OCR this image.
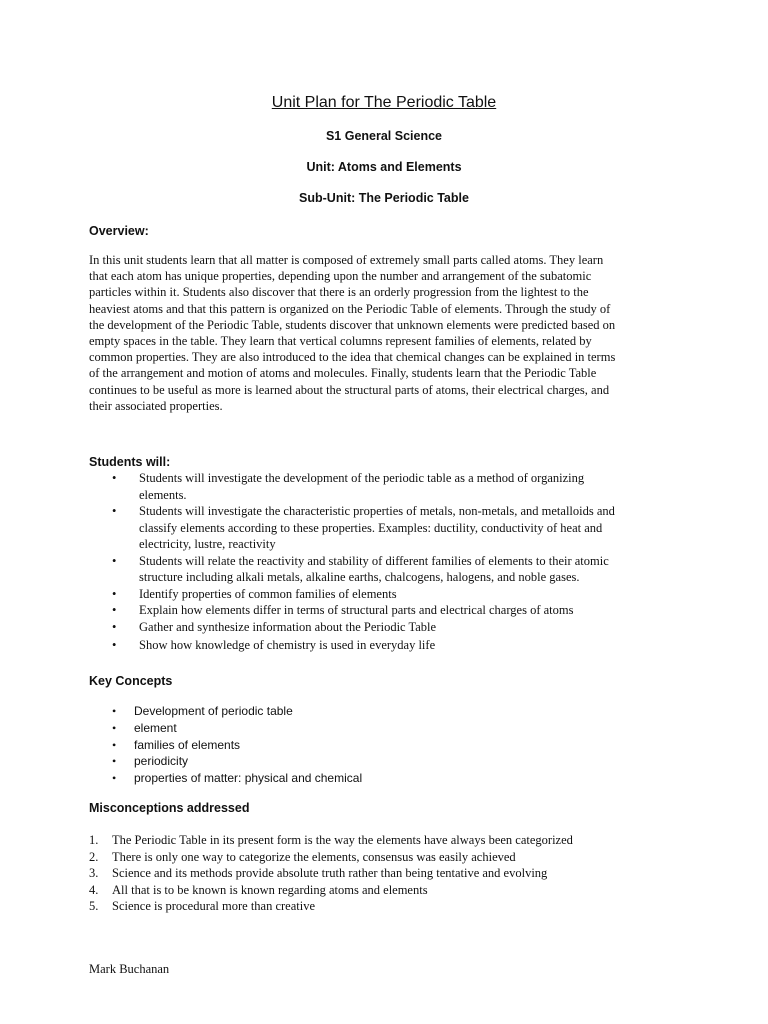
Unit Plan for The Periodic Table
S1 General Science
Unit: Atoms and Elements
Sub-Unit: The Periodic Table
Overview:
In this unit students learn that all matter is composed of extremely small parts called atoms. They learn
that each atom has unique properties, depending upon the number and arrangement of the subatomic
particles within it. Students also discover that there is an orderly progression from the lightest to the
heaviest atoms and that this pattern is organized on the Periodic Table of elements. Through the study of
the development of the Periodic Table, students discover that unknown elements were predicted based on
empty spaces in the table. They learn that vertical columns represent families of elements, related by
common properties. They are also introduced to the idea that chemical changes can be explained in terms
of the arrangement and motion of atoms and molecules. Finally, students learn that the Periodic Table
continues to be useful as more is learned about the structural parts of atoms, their electrical charges, and
their associated properties.
Students will:
• Students will investigate the development of the periodic table as a method of organizing
elements.
• Students will investigate the characteristic properties of metals, non-metals, and metalloids and
classify elements according to these properties. Examples: ductility, conductivity of heat and
electricity, lustre, reactivity
• Students will relate the reactivity and stability of different families of elements to their atomic
structure including alkali metals, alkaline earths, chalcogens, halogens, and noble gases.
• Identify properties of common families of elements
• Explain how elements differ in terms of structural parts and electrical charges of atoms
• Gather and synthesize information about the Periodic Table
• Show how knowledge of chemistry is used in everyday life
Key Concepts
• Development of periodic table
• element
• families of elements
• periodicity
• properties of matter: physical and chemical
Misconceptions addressed
1. The Periodic Table in its present form is the way the elements have always been categorized
2. There is only one way to categorize the elements, consensus was easily achieved
3. Science and its methods provide absolute truth rather than being tentative and evolving
4. All that is to be known is known regarding atoms and elements
5. Science is procedural more than creative
Mark Buchanan
